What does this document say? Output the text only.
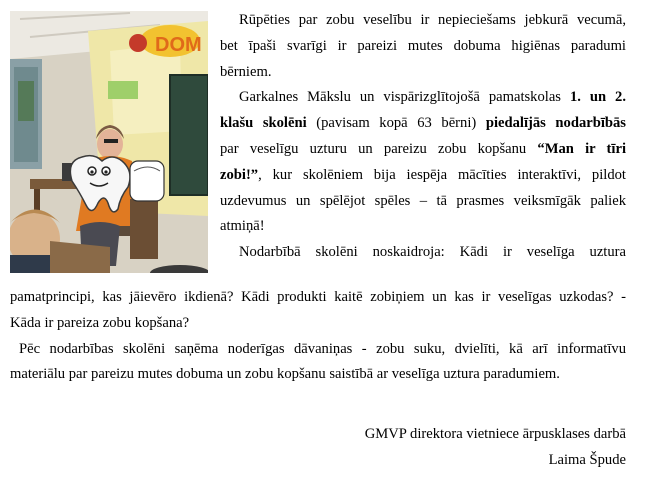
DOM
Rūpēties par zobu veselību ir nepieciešams jebkurā vecumā,
bet īpaši svarīgi ir pareizi mutes dobuma higiēnas paradumi
bērniem.
Garkalnes Mākslu un vispārizglītojošā pamatskolas 1. un 2.
klašu skolēni (pavisam kopā 63 bērni) piedalījās nodarbībās
par veselīgu uzturu un pareizu zobu kopšanu “Man ir tīri
zobi!”, kur skolēniem bija iespēja mācīties interaktīvi, pildot
uzdevumus un spēlējot spēles – tā prasmes veiksmīgāk paliek
atmiņā!
Nodarbībā skolēni noskaidroja: Kādi ir veselīga uztura
pamatprincipi, kas jāievēro ikdienā? Kādi produkti kaitē zobiņiem un kas ir veselīgas uzkodas? -
Kāda ir pareiza zobu kopšana?
Pēc nodarbības skolēni saņēma noderīgas dāvaniņas - zobu suku, dvielīti, kā arī informatīvu
materiālu par pareizu mutes dobuma un zobu kopšanu saistībā ar veselīga uztura paradumiem.
GMVP direktora vietniece ārpusklases darbā
Laima Špude
